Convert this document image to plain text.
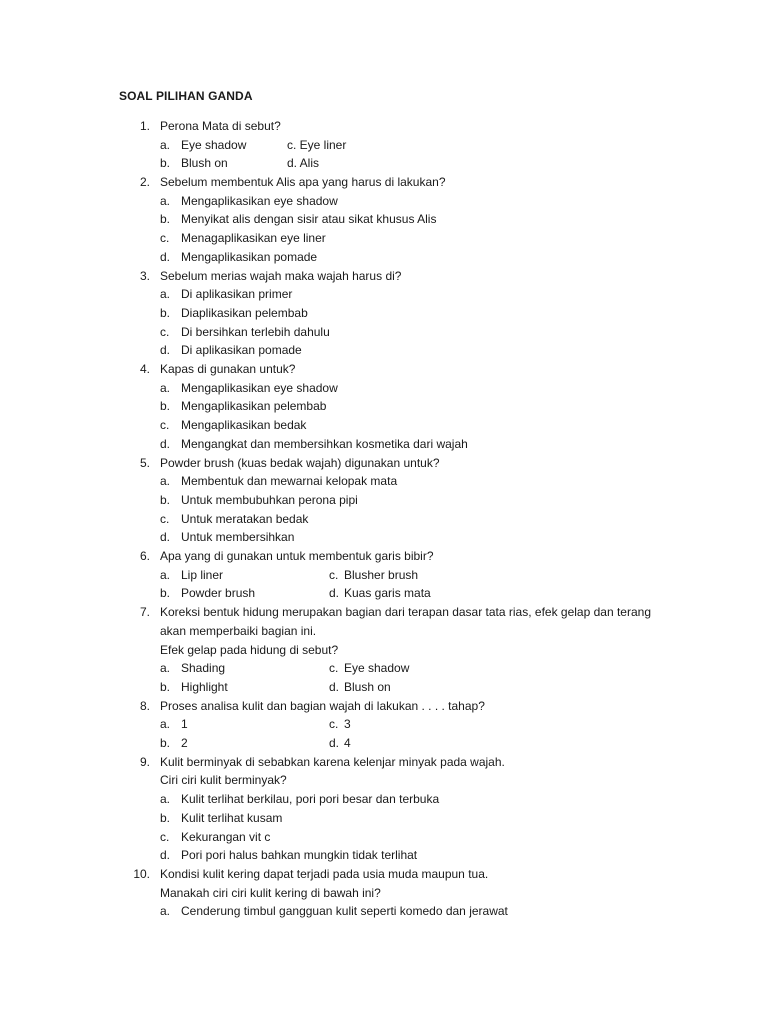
SOAL PILIHAN GANDA
1. Perona Mata di sebut?
a. Eye shadow	c. Eye liner
b. Blush on	d. Alis
2. Sebelum membentuk Alis apa yang harus di lakukan?
a. Mengaplikasikan eye shadow
b. Menyikat alis dengan sisir atau sikat khusus Alis
c. Menagaplikasikan eye liner
d. Mengaplikasikan pomade
3. Sebelum merias wajah maka wajah harus di?
a. Di aplikasikan primer
b. Diaplikasikan pelembab
c. Di bersihkan terlebih dahulu
d. Di aplikasikan pomade
4. Kapas di gunakan untuk?
a. Mengaplikasikan eye shadow
b. Mengaplikasikan pelembab
c. Mengaplikasikan bedak
d. Mengangkat dan membersihkan kosmetika dari wajah
5. Powder brush (kuas bedak wajah) digunakan untuk?
a. Membentuk dan mewarnai kelopak mata
b. Untuk membubuhkan perona pipi
c. Untuk meratakan bedak
d. Untuk membersihkan
6. Apa yang di gunakan untuk membentuk garis bibir?
a. Lip liner	c. Blusher brush
b. Powder brush	d. Kuas garis mata
7. Koreksi bentuk hidung merupakan bagian dari terapan dasar tata rias, efek gelap dan terang
akan memperbaiki bagian ini.
Efek gelap pada hidung di sebut?
a. Shading	c. Eye shadow
b. Highlight	d. Blush on
8. Proses analisa kulit dan bagian wajah di lakukan . . . . tahap?
a. 1	c. 3
b. 2	d. 4
9. Kulit berminyak di sebabkan karena kelenjar minyak pada wajah.
Ciri ciri kulit berminyak?
a. Kulit terlihat berkilau, pori pori besar dan terbuka
b. Kulit terlihat kusam
c. Kekurangan vit c
d. Pori pori halus bahkan mungkin tidak terlihat
10. Kondisi kulit kering dapat terjadi pada usia muda maupun tua.
Manakah ciri ciri kulit kering di bawah ini?
a. Cenderung timbul gangguan kulit seperti komedo dan jerawat
